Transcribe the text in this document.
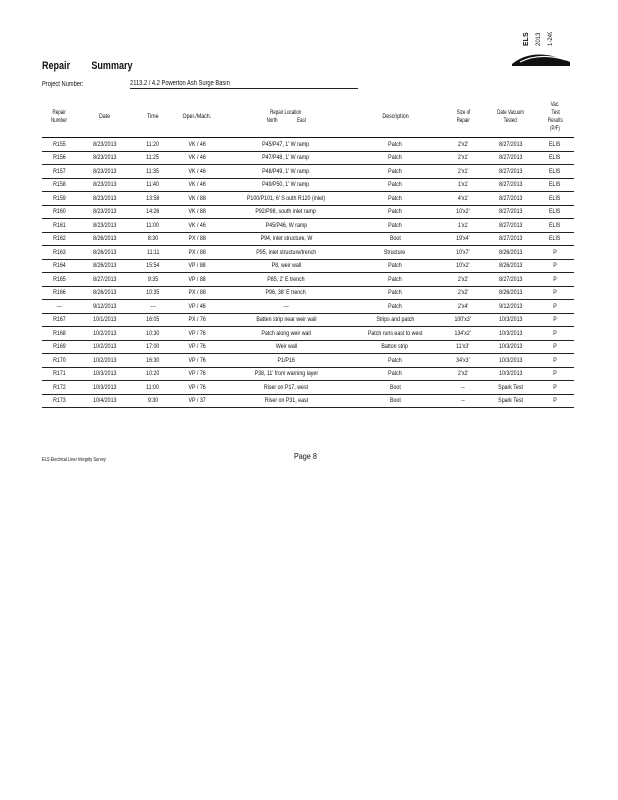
Repair Summary
ELS 2013 1-249
Project Number:	2113.2 / 4.2 Powerton Ash Surge Basin
Repair
Number	Date	Time	Oper./Mach.	Repair Location
North East	Description	Size of
Repair	Date Vacuum
Tested	Vac.
Test
Results
(P/F)
R155	8/23/2013	11:20	VK / 46	P45/P47, 1' W ramp	Patch	2'x2'	8/27/2013	ELIS
R156	8/23/2013	11:25	VK / 46	P47/P48, 1' W ramp	Patch	2'x1'	8/27/2013	ELIS
R157	8/23/2013	11:35	VK / 46	P48/P49, 1' W ramp	Patch	2'x1'	8/27/2013	ELIS
R158	8/23/2013	11:40	VK / 46	P49/P50, 1' W ramp	Patch	1'x1'	8/27/2013	ELIS
R159	8/23/2013	13:58	VK / 88	P100/P101, 6' S outh R120 (inlet)	Patch	4'x1'	8/27/2013	ELIS
R160	8/23/2013	14:26	VK / 88	P92/P98, south inlet ramp	Patch	10'x2'	8/27/2013	ELIS
R161	8/23/2013	11:00	VK / 46	P45/P46, W ramp	Patch	1'x1'	8/27/2013	ELIS
R162	8/26/2013	8:30	PX / 88	P94, inlet structure, W	Boot	19'x4'	8/27/2013	ELIS
R163	8/26/2013	11:11	PX / 88	P95, inlet structure/trench	Structure	10'x7'	8/26/2013	P
R164	8/26/2013	15:54	VP / 88	P8, weir wall	Patch	10'x2'	8/26/2013	P
R165	8/27/2013	9:35	VP / 88	P85, 2' E trench	Patch	2'x2'	8/27/2013	P
R166	8/26/2013	10:35	PX / 88	P96, 38' E trench	Patch	2'x2'	8/26/2013	P
---	9/12/2013	---	VP / 46	---	Patch	2'x4'	9/12/2013	P
R167	10/1/2013	16:05	PX / 76	Batten strip near weir wall	Strips and patch	100'x3'	10/3/2013	P
R168	10/2/2013	10:30	VP / 76	Patch along weir wall	Patch runs east to west	134'x2'	10/3/2013	P
R169	10/2/2013	17:00	VP / 76	Weir wall	Batton strip	11'x3'	10/3/2013	P
R170	10/2/2013	16:30	VP / 76	P1/P16	Patch	34'x3'	10/3/2013	P
R171	10/3/2013	10:20	VP / 76	P38, 11' from warning layer	Patch	2'x2'	10/3/2013	P
R172	10/3/2013	11:00	VP / 76	Riser on P17, west	Boot	--	Spark Test	P
R173	10/4/2013	9:30	VP / 37	Riser on P31, east	Boot	--	Spark Test	P
ELS Electrical Liner Integrity Survey	Page 8
